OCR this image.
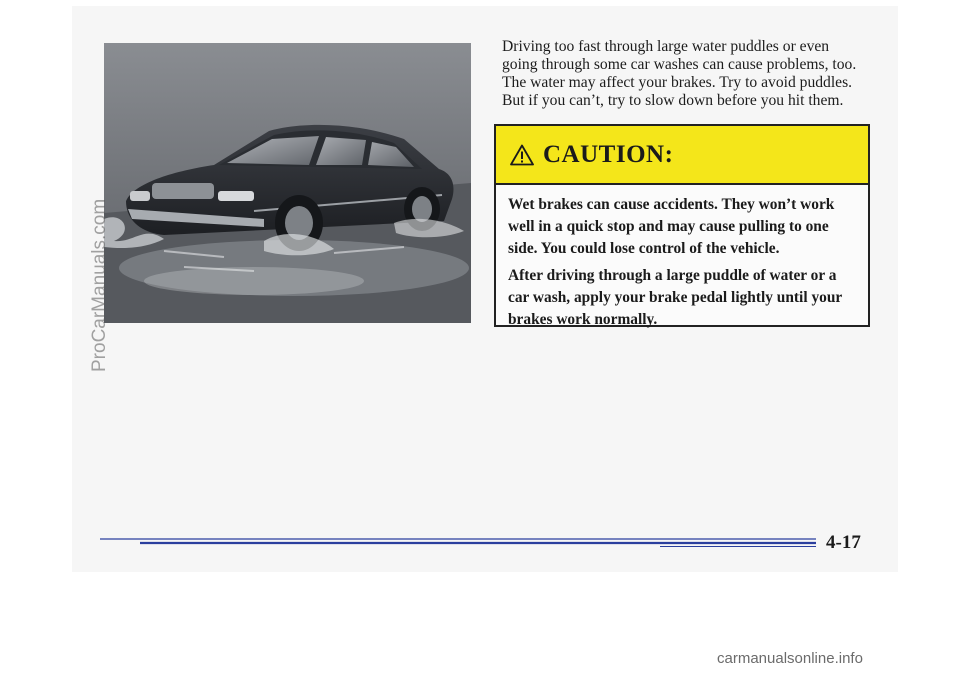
Driving too fast through large water puddles or even going through some car washes can cause problems, too. The water may affect your brakes. Try to avoid puddles. But if you can’t, try to slow down before you hit them.

CAUTION:

Wet brakes can cause accidents. They won’t work well in a quick stop and may cause pulling to one side. You could lose control of the vehicle.

After driving through a large puddle of water or a car wash, apply your brake pedal lightly until your brakes work normally.

4-17
ProCarManuals.com
carmanualsonline.info
